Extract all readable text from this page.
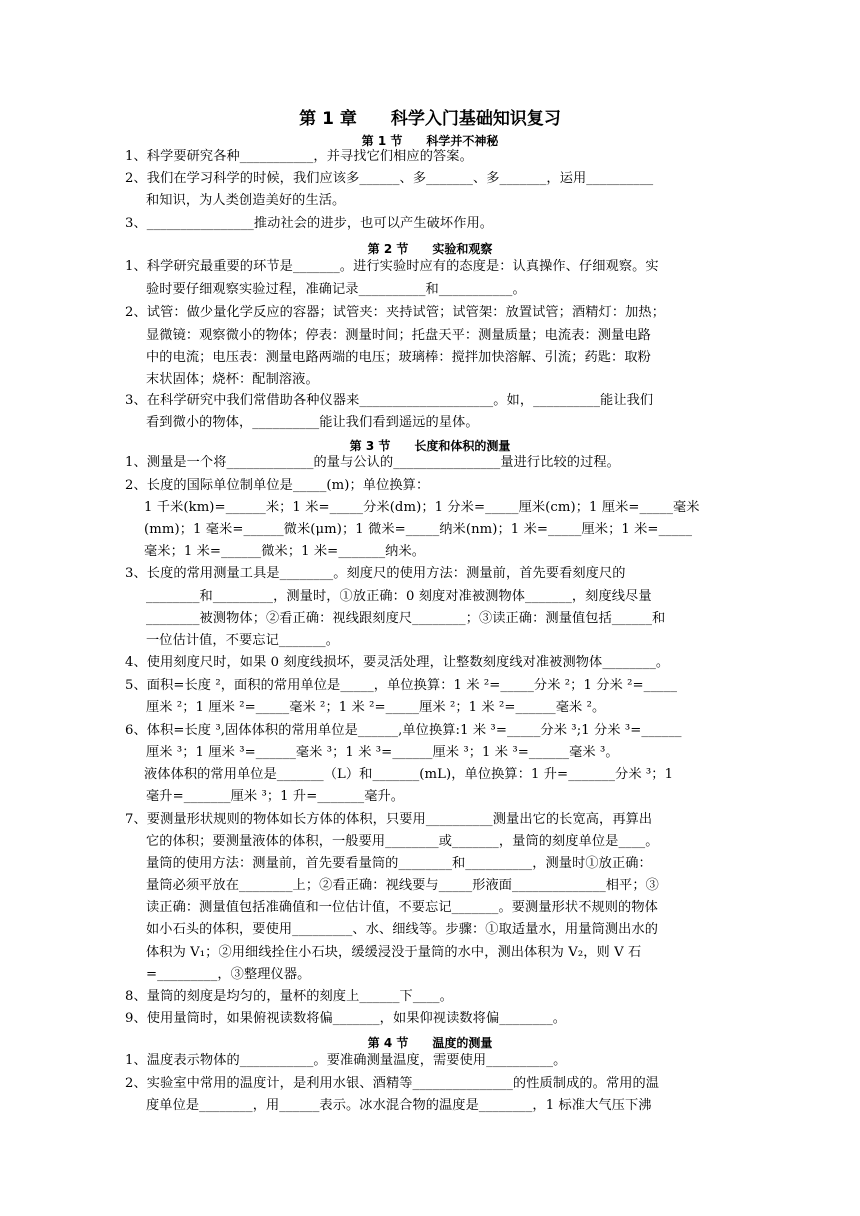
第 1 章　　科学入门基础知识复习
第 1 节　　科学并不神秘
1、科学要研究各种___________，并寻找它们相应的答案。
2、我们在学习科学的时候，我们应该多______、多_______、多_______，运用__________
和知识，为人类创造美好的生活。
3、________________推动社会的进步，也可以产生破坏作用。
第 2 节　　实验和观察
1、科学研究最重要的环节是_______。进行实验时应有的态度是：认真操作、仔细观察。实
验时要仔细观察实验过程，准确记录__________和___________。
2、试管：做少量化学反应的容器；试管夹：夹持试管；试管架：放置试管；酒精灯：加热；
显微镜：观察微小的物体；停表：测量时间；托盘天平：测量质量；电流表：测量电路
中的电流；电压表：测量电路两端的电压；玻璃棒：搅拌加快溶解、引流；药匙：取粉
末状固体；烧杯：配制溶液。
3、在科学研究中我们常借助各种仪器来____________________。如，__________能让我们
看到微小的物体，__________能让我们看到遥远的星体。
第 3 节　　长度和体积的测量
1、测量是一个将_____________的量与公认的________________量进行比较的过程。
2、长度的国际单位制单位是_____(m)；单位换算：
1 千米(km)=______米；1 米=_____分米(dm)；1 分米=_____厘米(cm)；1 厘米=_____毫米
(mm)；1 毫米=______微米(μm)；1 微米=_____纳米(nm)；1 米=_____厘米；1 米=_____
毫米；1 米=______微米；1 米=_______纳米。
3、长度的常用测量工具是________。刻度尺的使用方法：测量前，首先要看刻度尺的
________和_________，测量时，①放正确：0 刻度对准被测物体_______，刻度线尽量
________被测物体；②看正确：视线跟刻度尺________；③读正确：测量值包括______和
一位估计值，不要忘记_______。
4、使用刻度尺时，如果 0 刻度线损坏，要灵活处理，让整数刻度线对准被测物体________。
5、面积=长度 ²，面积的常用单位是_____，单位换算：1 米 ²=_____分米 ²；1 分米 ²=_____
厘米 ²；1 厘米 ²=_____毫米 ²；1 米 ²=_____厘米 ²；1 米 ²=______毫米 ²。
6、体积=长度 ³,固体体积的常用单位是______,单位换算:1 米 ³=_____分米 ³;1 分米 ³=______
厘米 ³；1 厘米 ³=______毫米 ³；1 米 ³=______厘米 ³；1 米 ³=______毫米 ³。
液体体积的常用单位是_______（L）和_______(mL)，单位换算：1 升=_______分米 ³；1
毫升=_______厘米 ³；1 升=_______毫升。
7、要测量形状规则的物体如长方体的体积，只要用__________测量出它的长宽高，再算出
它的体积；要测量液体的体积，一般要用________或_______，量筒的刻度单位是____。
量筒的使用方法：测量前，首先要看量筒的________和__________，测量时①放正确：
量筒必须平放在________上；②看正确：视线要与_____形液面______________相平；③
读正确：测量值包括准确值和一位估计值，不要忘记_______。要测量形状不规则的物体
如小石头的体积，要使用_________、水、细线等。步骤：①取适量水，用量筒测出水的
体积为 V₁；②用细线拴住小石块，缓缓浸没于量筒的水中，测出体积为 V₂，则 V 石
=_________，③整理仪器。
8、量筒的刻度是均匀的，量杯的刻度上______下____。
9、使用量筒时，如果俯视读数将偏_______，如果仰视读数将偏________。
第 4 节　　温度的测量
1、温度表示物体的___________。要准确测量温度，需要使用__________。
2、实验室中常用的温度计，是利用水银、酒精等_______________的性质制成的。常用的温
度单位是________，用______表示。冰水混合物的温度是________，1 标准大气压下沸
